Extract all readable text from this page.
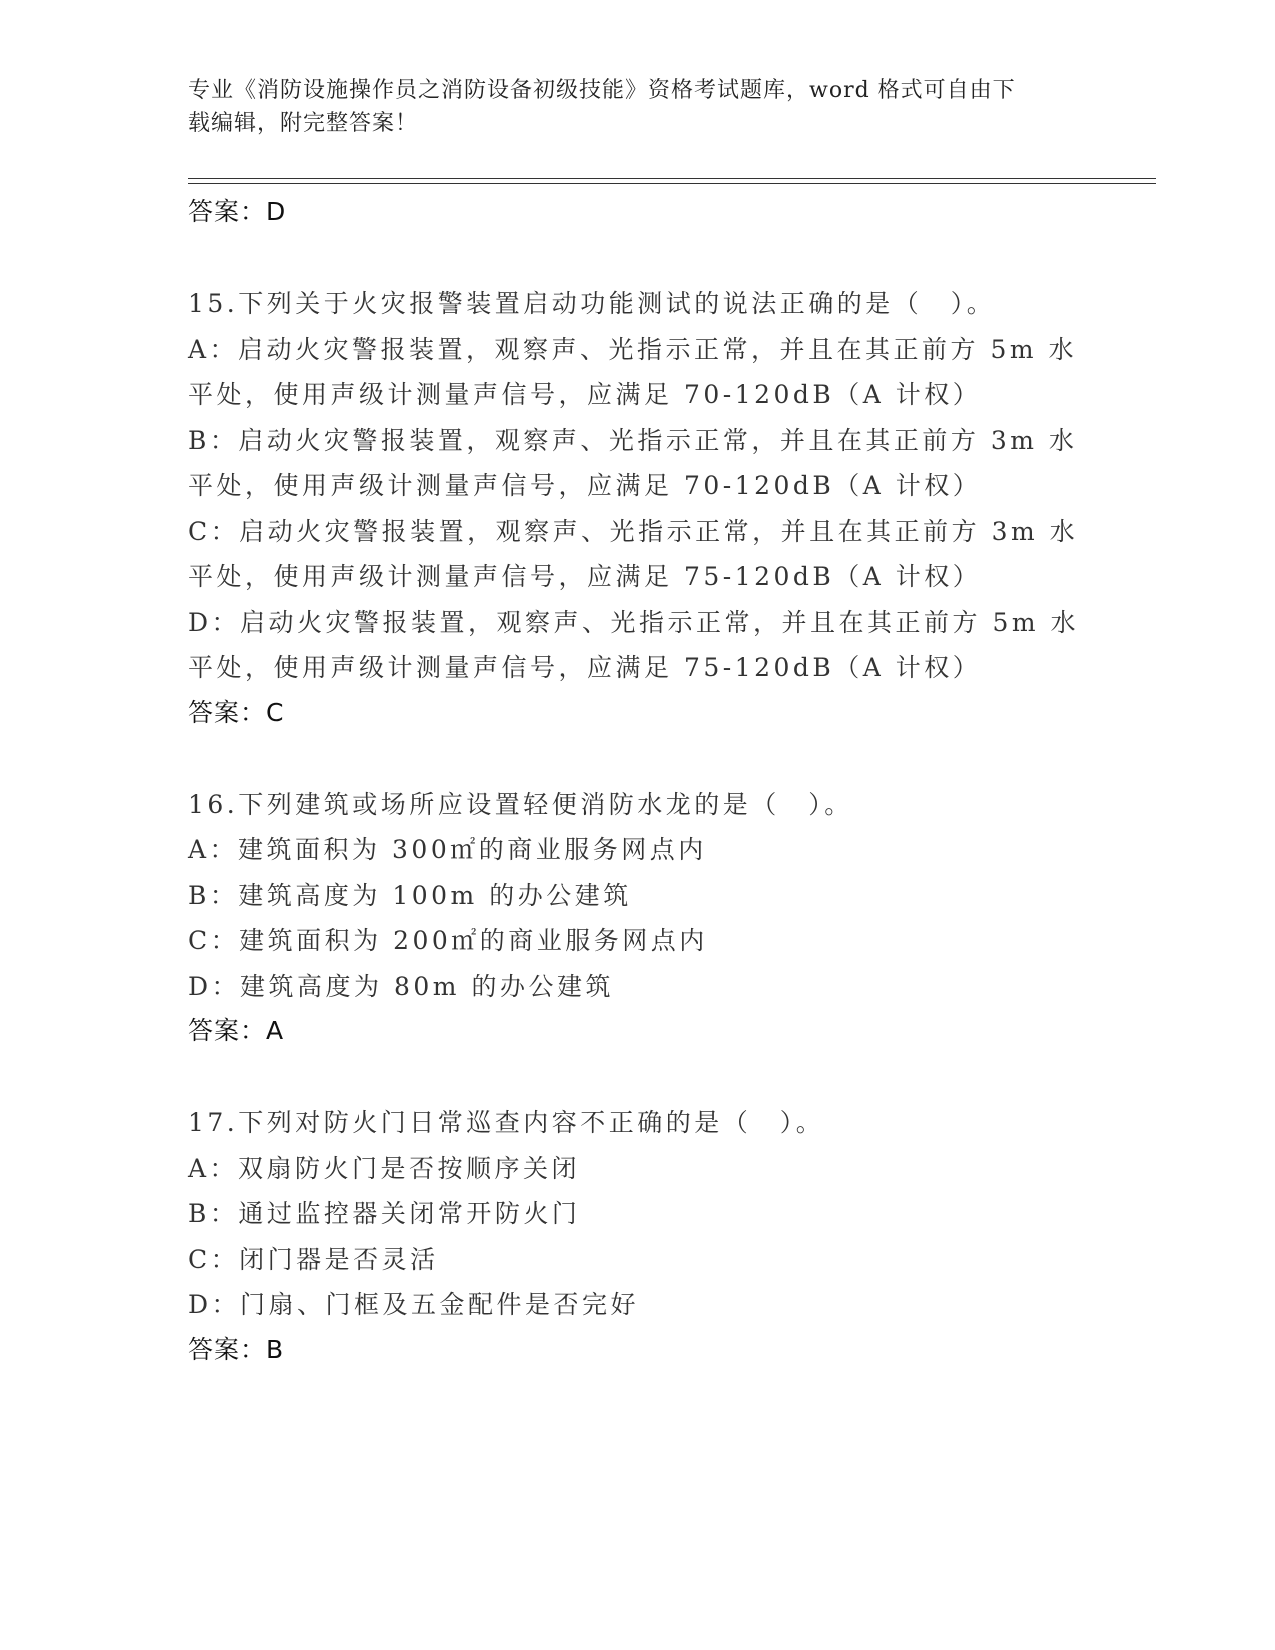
专业《消防设施操作员之消防设备初级技能》资格考试题库，word 格式可自由下
载编辑，附完整答案！
答案：D
15.下列关于火灾报警装置启动功能测试的说法正确的是（　）。
A：启动火灾警报装置，观察声、光指示正常，并且在其正前方 5m 水
平处，使用声级计测量声信号，应满足 70-120dB（A 计权）
B：启动火灾警报装置，观察声、光指示正常，并且在其正前方 3m 水
平处，使用声级计测量声信号，应满足 70-120dB（A 计权）
C：启动火灾警报装置，观察声、光指示正常，并且在其正前方 3m 水
平处，使用声级计测量声信号，应满足 75-120dB（A 计权）
D：启动火灾警报装置，观察声、光指示正常，并且在其正前方 5m 水
平处，使用声级计测量声信号，应满足 75-120dB（A 计权）
答案：C
16.下列建筑或场所应设置轻便消防水龙的是（　）。
A：建筑面积为 300㎡的商业服务网点内
B：建筑高度为 100m 的办公建筑
C：建筑面积为 200㎡的商业服务网点内
D：建筑高度为 80m 的办公建筑
答案：A
17.下列对防火门日常巡查内容不正确的是（　）。
A：双扇防火门是否按顺序关闭
B：通过监控器关闭常开防火门
C：闭门器是否灵活
D：门扇、门框及五金配件是否完好
答案：B
